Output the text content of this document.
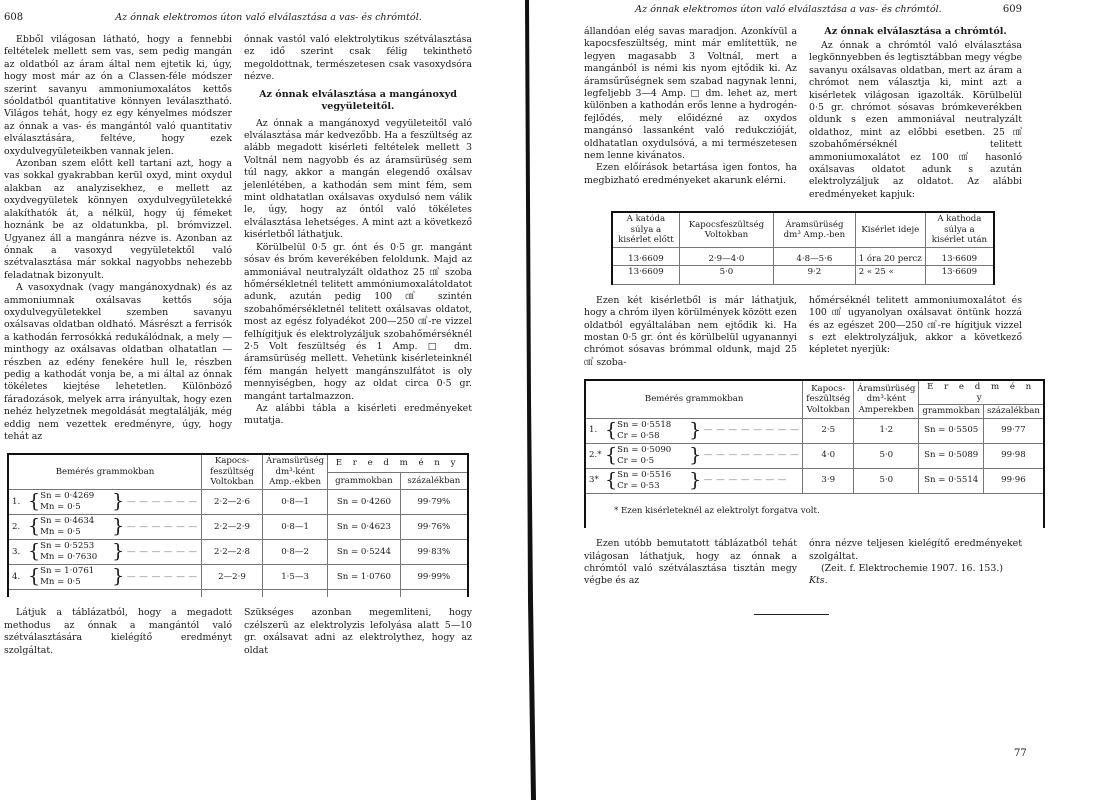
608	Az ónnak elektromos úton való elválasztása a vas- és chrómtól.

Ebből világosan látható, hogy a fennebbi feltételek mellett sem vas, sem pedig mangán az oldatból az áram által nem ejtetik ki, úgy, hogy most már az ón a Classen-féle módszer szerint savanyu ammoniumoxalátos kettős sóoldatból quantitative könnyen leválasztható. Világos tehát, hogy ez egy kényelmes módszer az ónnak a vas- és mangántól való quantitativ elválasztására, feltéve, hogy ezek oxydulvegyületeikben vannak jelen.

Azonban szem előtt kell tartani azt, hogy a vas sokkal gyakrabban kerül oxyd, mint oxydul alakban az analyzisekhez, e mellett az oxydvegyületek könnyen oxydulvegyületekké alakíthatók át, a nélkül, hogy új fémeket hoznánk be az oldatunkba, pl. brómvizzel. Ugyanez áll a mangánra nézve is. Azonban az ónnak a vasoxyd vegyületektől való szétvalasztása már sokkal nagyobbs nehezebb feladatnak bizonyult.

A vasoxydnak (vagy mangánoxydnak) és az ammoniumnak oxálsavas kettős sója oxydulvegyületekkel szemben savanyu oxálsavas oldatban oldható. Másrészt a ferrisók a kathodán ferrosókká redukálódnak, a mely — minthogy az oxálsavas oldatban olhatatlan — részben az edény fenekére hull le, részben pedig a kathodát vonja be, a mi által az ónnak tökéletes kiejtése lehetetlen. Különböző fáradozások, melyek arra irányultak, hogy ezen nehéz helyzetnek megoldását megtalálják, még eddig nem vezettek eredményre, úgy, hogy tehát az

ónnak vastól való elektrolytikus szétválasztása ez idő szerint csak félig tekinthető megoldottnak, természetesen csak vasoxydsóra nézve.

Az ónnak elválasztása a mangánoxyd vegyületeitől.

Az ónnak a mangánoxyd vegyületeitől való elválasztása már kedvezőbb. Ha a feszültség az alább megadott kisérleti feltételek mellett 3 Voltnál nem nagyobb és az áramsürüség sem túl nagy, akkor a mangán elegendő oxálsav jelenlétében, a kathodán sem mint fém, sem mint oldhatatlan oxálsavas oxydulsó nem válik le, úgy, hogy az óntól való tökéletes elválasztása lehetséges. A mint azt a következő kisérletből láthatjuk.

Körülbelül 0·5 gr. ónt és 0·5 gr. mangánt sósav és bróm keverékében feloldunk. Majd az ammoniával neutralyzált oldathoz 25 ㎤ szoba hőmérsékletnél telitett ammóniumoxalátoldatot adunk, azután pedig 100 ㎤ szintén szobahőmérsékletnél telitett oxálsavas oldatot, most az egész folyadékot 200—250 ㎤-re vizzel felhígitjuk és elektrolyzáljuk szobahőmérséknél 2·5 Volt feszültség és 1 Amp. □ dm. áramsürüség mellett. Vehetünk kisérleteinknél fém mangán helyett mangánszulfátot is oly mennyiségben, hogy az oldat circa 0·5 gr. mangánt tartalmazzon.

Az alábbi tábla a kisérleti eredményeket mutatja.

Bemérés grammokban	Kapocs-feszültség Voltokban	Áramsürüség dm³-ként Amp.-ekben	E r e d m é n y	
			grammokban	százalékban
1. {Sn = 0·4269
Mn = 0·5 } — — — — — —	2·2—2·6	0·8—1	Sn = 0·4260	99·79%
2. {Sn = 0·4634
Mn = 0·5 } — — — — — —	2·2—2·9	0·8—1	Sn = 0·4623	99·76%
3. {Sn = 0·5253
Mn = 0·7630 } — — — — — —	2·2—2·8	0·8—2	Sn = 0·5244	99·83%
4. {Sn = 1·0761
Mn = 0·5 } — — — — — —	2—2·9	1·5—3	Sn = 1·0760	99·99%

Látjuk a táblázatból, hogy a megadott methodus az ónnak a mangántól való szétválasztására kielégítő eredményt szolgáltat.

Szükséges azonban megemliteni, hogy czélszerü az elektrolyzis lefolyása alatt 5—10 gr. oxálsavat adni az elektrolythez, hogy az oldat

Az ónnak elektromos úton való elválasztása a vas- és chrómtól.	609

állandóan elég savas maradjon. Azonkívül a kapocsfeszültség, mint már említettük, ne legyen magasabb 3 Voltnál, mert a mangánból is némi kis nyom ejtődik ki. Az áramsűrűségnek sem szabad nagynak lenni, legfeljebb 3—4 Amp. □ dm. lehet az, mert különben a kathodán erős lenne a hydrogén-fejlődés, mely előidézné az oxydos mangánsó lassanként való redukczióját, oldhatatlan oxydulsóvá, a mi természetesen nem lenne kivánatos.

Ezen előírások betartása igen fontos, ha megbizható eredményeket akarunk elérni.

Az ónnak elválasztása a chrómtól.

Az ónnak a chrómtól való elválasztása legkönnyebben és legtisztábban megy végbe savanyu oxálsavas oldatban, mert az áram a chrómot nem választja ki, mint azt a kisérletek világosan igazolták. Körülbelül 0·5 gr. chrómot sósavas brómkeverékben oldunk s ezen ammoniával neutralyzált oldathoz, mint az előbbi esetben. 25 ㎤ szobahőmérséknél telitett ammoniumoxalátot ez 100 ㎤ hasonló oxálsavas oldatot adunk s azután elektrolyzáljuk az oldatot. Az alábbi eredményeket kapjuk:

A katóda súlya a kisérlet előtt	Kapocsfeszültség Voltokban	Áramsürüség dm³ Amp.-ben	Kisérlet ideje	A kathoda súlya a kisérlet után
13·6609	2·9—4·0	4·8—5·6	1 óra 20 percz	13·6609
13·6609	5·0	9·2	2 « 25 «	13·6609

Ezen két kisérletből is már láthatjuk, hogy a chróm ilyen körülmények között ezen oldatból egyáltalában nem ejtődik ki. Ha mostan 0·5 gr. ónt és körülbelül ugyanannyi chrómot sósavas brómmal oldunk, majd 25 ㎤ szoba-

hőmérséknél telitett ammoniumoxalátot és 100 ㎤ ugyanolyan oxálsavat öntünk hozzá és az egészet 200—250 ㎤-re hígitjuk vizzel s ezt elektrolyzáljuk, akkor a következő képletet nyerjük:

Bemérés grammokban	Kapocs-feszültség Voltokban	Áramsürüség dm³-ként Amperekben	E r e d m é n y	
			grammokban	százalékban
1. {Sn = 0·5518
Cr = 0·58 } — — — — — — — —	2·5	1·2	Sn = 0·5505	99·77
2.* {Sn = 0·5090
Cr = 0·5 } — — — — — — — —	4·0	5·0	Sn = 0·5089	99·98
3* {Sn = 0·5516
Cr = 0·53 } — — — — — — —	3·9	5·0	Sn = 0·5514	99·96
* Ezen kisérleteknél az elektrolyt forgatva volt.				

Ezen utóbb bemutatott táblázatból tehát világosan láthatjuk, hogy az ónnak a chrómtól való szétválasztása tisztán megy végbe és az

ónra nézve teljesen kielégítő eredményeket szolgáltat.

(Zeit. f. Elektrochemie 1907. 16. 153.) Kts.

77
